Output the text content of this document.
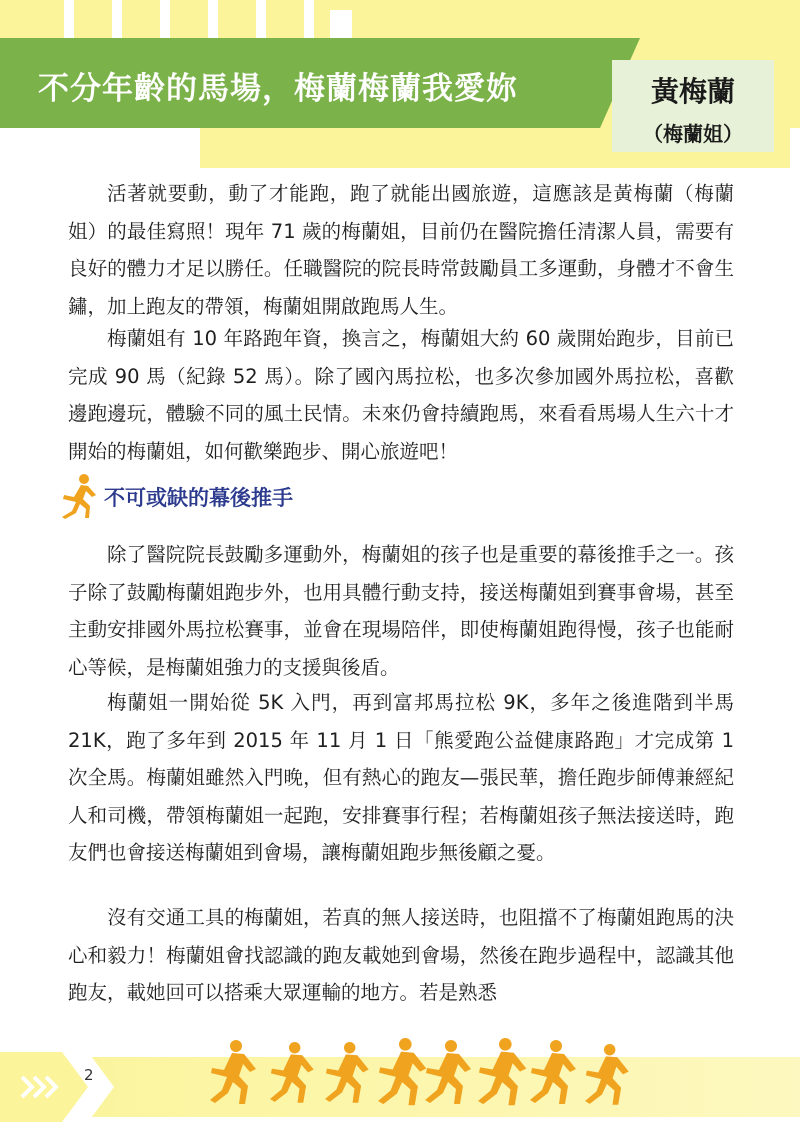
不分年齡的馬場，梅蘭梅蘭我愛妳	黃梅蘭
（梅蘭姐）

活著就要動，動了才能跑，跑了就能出國旅遊，這應該是黃梅蘭（梅蘭姐）的最佳寫照！現年 71 歲的梅蘭姐，目前仍在醫院擔任清潔人員，需要有良好的體力才足以勝任。任職醫院的院長時常鼓勵員工多運動，身體才不會生鏽，加上跑友的帶領，梅蘭姐開啟跑馬人生。

梅蘭姐有 10 年路跑年資，換言之，梅蘭姐大約 60 歲開始跑步，目前已完成 90 馬（紀錄 52 馬）。除了國內馬拉松，也多次參加國外馬拉松，喜歡邊跑邊玩，體驗不同的風土民情。未來仍會持續跑馬，來看看馬場人生六十才開始的梅蘭姐，如何歡樂跑步、開心旅遊吧！

除了醫院院長鼓勵多運動外，梅蘭姐的孩子也是重要的幕後推手之一。孩子除了鼓勵梅蘭姐跑步外，也用具體行動支持，接送梅蘭姐到賽事會場，甚至主動安排國外馬拉松賽事，並會在現場陪伴，即使梅蘭姐跑得慢，孩子也能耐心等候，是梅蘭姐強力的支援與後盾。

梅蘭姐一開始從 5K 入門，再到富邦馬拉松 9K，多年之後進階到半馬 21K，跑了多年到 2015 年 11 月 1 日「熊愛跑公益健康路跑」才完成第 1 次全馬。梅蘭姐雖然入門晚，但有熱心的跑友—張民華，擔任跑步師傅兼經紀人和司機，帶領梅蘭姐一起跑，安排賽事行程；若梅蘭姐孩子無法接送時，跑友們也會接送梅蘭姐到會場，讓梅蘭姐跑步無後顧之憂。

沒有交通工具的梅蘭姐，若真的無人接送時，也阻擋不了梅蘭姐跑馬的決心和毅力！梅蘭姐會找認識的跑友載她到會場，然後在跑步過程中，認識其他跑友，載她回可以搭乘大眾運輸的地方。若是熟悉

不可或缺的幕後推手
2
